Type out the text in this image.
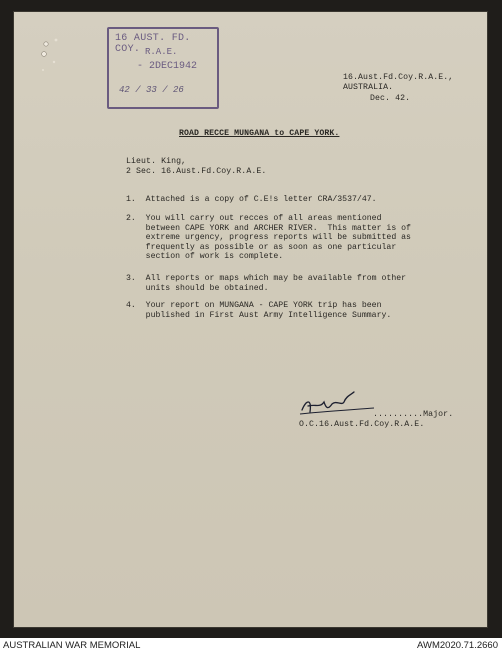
16 AUST. FD. COY. R.A.E.
- 2DEC1942
42 / 33 / 26
16.Aust.Fd.Coy.R.A.E.,
AUSTRALIA.
Dec. 42.
ROAD RECCE MUNGANA to CAPE YORK.
Lieut. King,
2 Sec. 16.Aust.Fd.Coy.R.A.E.
1.  Attached is a copy of C.E!s letter CRA/3537/47.
2.  You will carry out recces of all areas mentioned
between CAPE YORK and ARCHER RIVER.  This matter is of
extreme urgency, progress reports will be submitted as
frequently as possible or as soon as one particular
section of work is complete.
3.  All reports or maps which may be available from other
units should be obtained.
4.  Your report on MUNGANA - CAPE YORK trip has been
published in First Aust Army Intelligence Summary.
..........Major.
O.C.16.Aust.Fd.Coy.R.A.E.
AUSTRALIAN WAR MEMORIAL	AWM2020.71.2660
